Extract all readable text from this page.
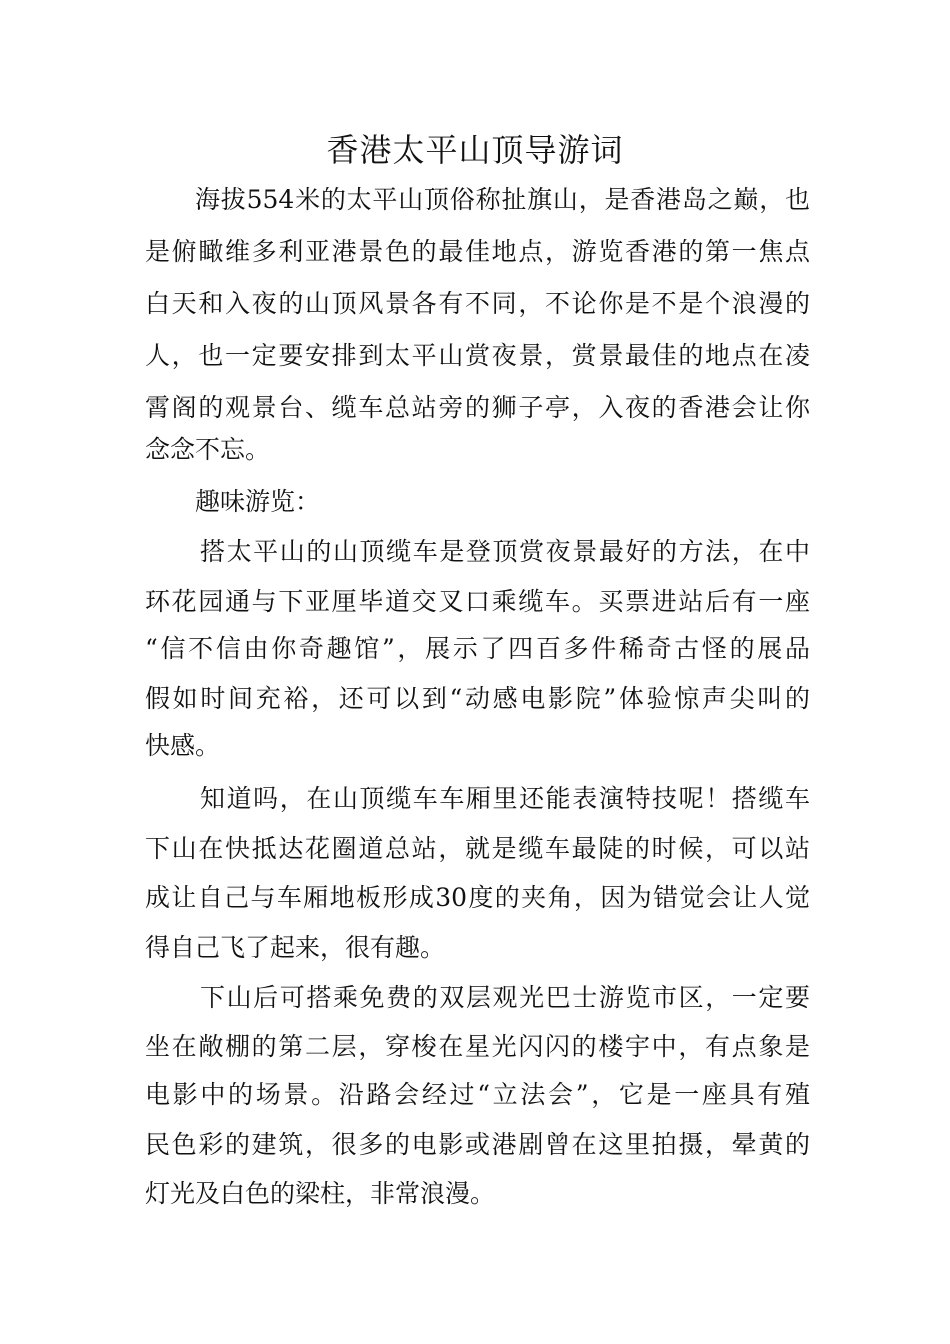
香港太平山顶导游词
海拔554米的太平山顶俗称扯旗山，是香港岛之巅，也
是俯瞰维多利亚港景色的最佳地点，游览香港的第一焦点
白天和入夜的山顶风景各有不同，不论你是不是个浪漫的
人，也一定要安排到太平山赏夜景，赏景最佳的地点在凌
霄阁的观景台、缆车总站旁的狮子亭，入夜的香港会让你
念念不忘。
趣味游览：
搭太平山的山顶缆车是登顶赏夜景最好的方法，在中
环花园通与下亚厘毕道交叉口乘缆车。买票进站后有一座
“信不信由你奇趣馆”，展示了四百多件稀奇古怪的展品
假如时间充裕，还可以到“动感电影院”体验惊声尖叫的
快感。
知道吗，在山顶缆车车厢里还能表演特技呢！搭缆车
下山在快抵达花圈道总站，就是缆车最陡的时候，可以站
成让自己与车厢地板形成30度的夹角，因为错觉会让人觉
得自己飞了起来，很有趣。
下山后可搭乘免费的双层观光巴士游览市区，一定要
坐在敞棚的第二层，穿梭在星光闪闪的楼宇中，有点象是
电影中的场景。沿路会经过“立法会”，它是一座具有殖
民色彩的建筑，很多的电影或港剧曾在这里拍摄，晕黄的
灯光及白色的梁柱，非常浪漫。
